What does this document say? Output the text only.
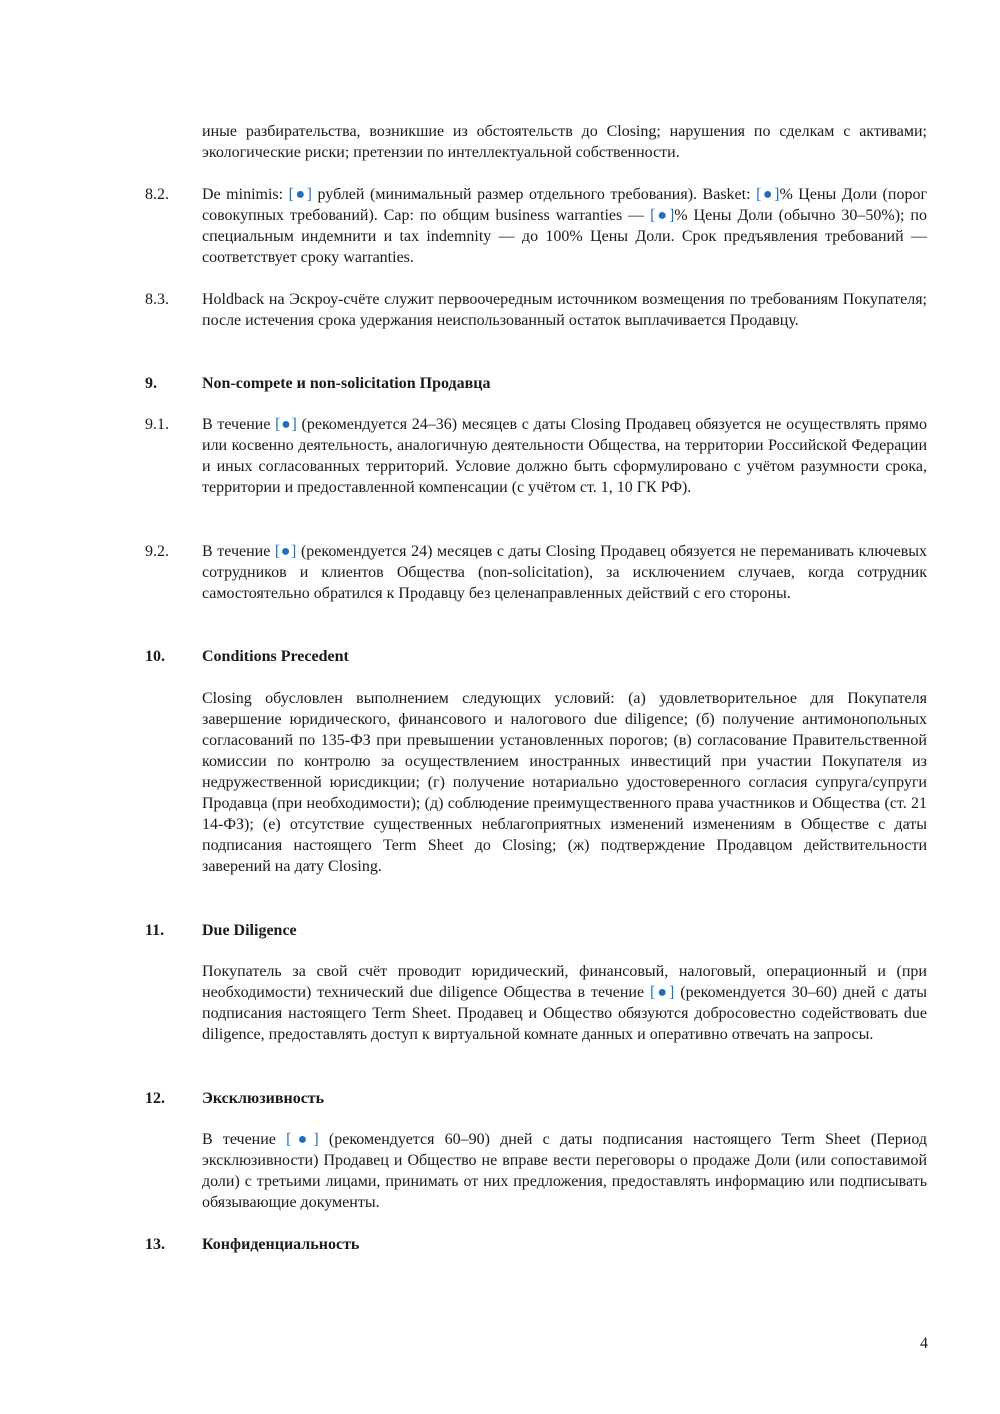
иные разбирательства, возникшие из обстоятельств до Closing; нарушения по сделкам с активами; экологические риски; претензии по интеллектуальной собственности.
8.2. De minimis: [●] рублей (минимальный размер отдельного требования). Basket: [●]% Цены Доли (порог совокупных требований). Cap: по общим business warranties — [●]% Цены Доли (обычно 30–50%); по специальным индемнити и tax indemnity — до 100% Цены Доли. Срок предъявления требований — соответствует сроку warranties.
8.3. Holdback на Эскроу-счёте служит первоочередным источником возмещения по требованиям Покупателя; после истечения срока удержания неиспользованный остаток выплачивается Продавцу.
9.	Non-compete и non-solicitation Продавца
9.1. В течение [●] (рекомендуется 24–36) месяцев с даты Closing Продавец обязуется не осуществлять прямо или косвенно деятельность, аналогичную деятельности Общества, на территории Российской Федерации и иных согласованных территорий. Условие должно быть сформулировано с учётом разумности срока, территории и предоставленной компенсации (с учётом ст. 1, 10 ГК РФ).
9.2. В течение [●] (рекомендуется 24) месяцев с даты Closing Продавец обязуется не переманивать ключевых сотрудников и клиентов Общества (non-solicitation), за исключением случаев, когда сотрудник самостоятельно обратился к Продавцу без целенаправленных действий с его стороны.
10. Conditions Precedent
Closing обусловлен выполнением следующих условий: (а) удовлетворительное для Покупателя завершение юридического, финансового и налогового due diligence; (б) получение антимонопольных согласований по 135-ФЗ при превышении установленных порогов; (в) согласование Правительственной комиссии по контролю за осуществлением иностранных инвестиций при участии Покупателя из недружественной юрисдикции; (г) получение нотариально удостоверенного согласия супруга/супруги Продавца (при необходимости); (д) соблюдение преимущественного права участников и Общества (ст. 21 14-ФЗ); (е) отсутствие существенных неблагоприятных изменений изменениям в Обществе с даты подписания настоящего Term Sheet до Closing; (ж) подтверждение Продавцом действительности заверений на дату Closing.
11. Due Diligence
Покупатель за свой счёт проводит юридический, финансовый, налоговый, операционный и (при необходимости) технический due diligence Общества в течение [●] (рекомендуется 30–60) дней с даты подписания настоящего Term Sheet. Продавец и Общество обязуются добросовестно содействовать due diligence, предоставлять доступ к виртуальной комнате данных и оперативно отвечать на запросы.
12. Эксклюзивность
В течение [●] (рекомендуется 60–90) дней с даты подписания настоящего Term Sheet (Период эксклюзивности) Продавец и Общество не вправе вести переговоры о продаже Доли (или сопоставимой доли) с третьими лицами, принимать от них предложения, предоставлять информацию или подписывать обязывающие документы.
13. Конфиденциальность
4
